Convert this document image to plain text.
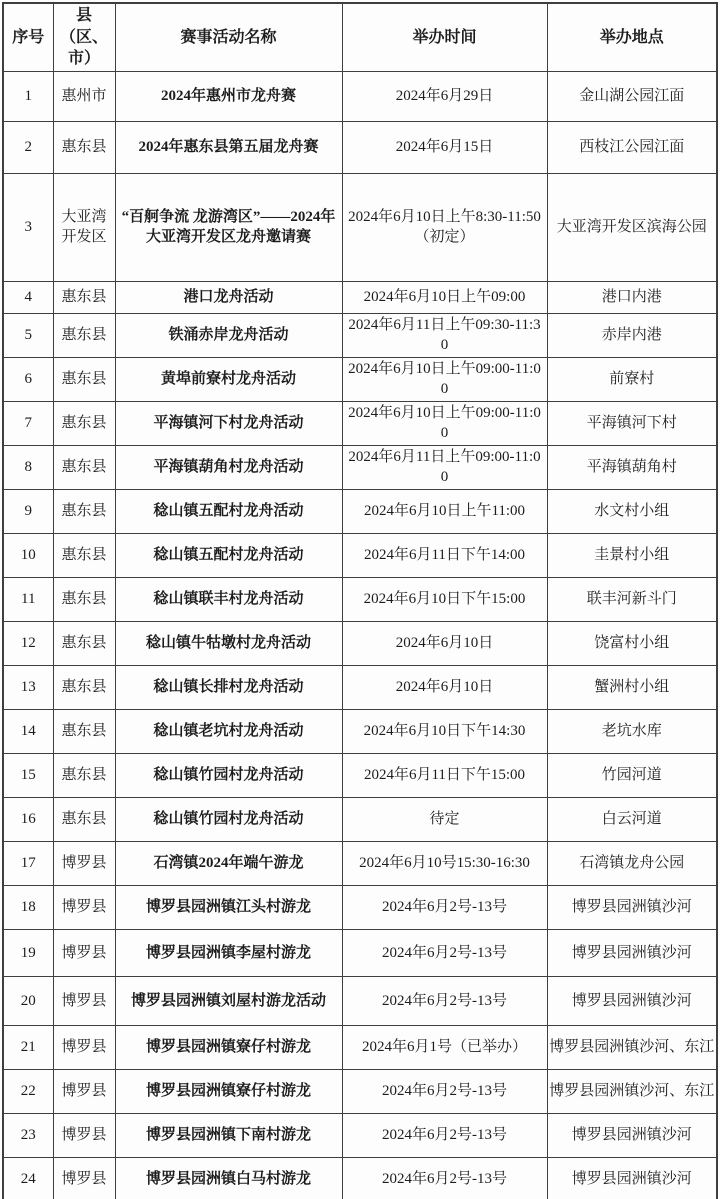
序号	县（区、市）	赛事活动名称	举办时间	举办地点
1	惠州市	2024年惠州市龙舟赛	2024年6月29日	金山湖公园江面
2	惠东县	2024年惠东县第五届龙舟赛	2024年6月15日	西枝江公园江面
3	大亚湾开发区	“百舸争流 龙游湾区”——2024年大亚湾开发区龙舟邀请赛	2024年6月10日上午8:30-11:50（初定）	大亚湾开发区滨海公园
4	惠东县	港口龙舟活动	2024年6月10日上午09:00	港口内港
5	惠东县	铁涌赤岸龙舟活动	2024年6月11日上午09:30-11:30	赤岸内港
6	惠东县	黄埠前寮村龙舟活动	2024年6月10日上午09:00-11:00	前寮村
7	惠东县	平海镇河下村龙舟活动	2024年6月10日上午09:00-11:00	平海镇河下村
8	惠东县	平海镇葫角村龙舟活动	2024年6月11日上午09:00-11:00	平海镇葫角村
9	惠东县	稔山镇五配村龙舟活动	2024年6月10日上午11:00	水文村小组
10	惠东县	稔山镇五配村龙舟活动	2024年6月11日下午14:00	圭景村小组
11	惠东县	稔山镇联丰村龙舟活动	2024年6月10日下午15:00	联丰河新斗门
12	惠东县	稔山镇牛牯墩村龙舟活动	2024年6月10日	饶富村小组
13	惠东县	稔山镇长排村龙舟活动	2024年6月10日	蟹洲村小组
14	惠东县	稔山镇老坑村龙舟活动	2024年6月10日下午14:30	老坑水库
15	惠东县	稔山镇竹园村龙舟活动	2024年6月11日下午15:00	竹园河道
16	惠东县	稔山镇竹园村龙舟活动	待定	白云河道
17	博罗县	石湾镇2024年端午游龙	2024年6月10号15:30-16:30	石湾镇龙舟公园
18	博罗县	博罗县园洲镇江头村游龙	2024年6月2号-13号	博罗县园洲镇沙河
19	博罗县	博罗县园洲镇李屋村游龙	2024年6月2号-13号	博罗县园洲镇沙河
20	博罗县	博罗县园洲镇刘屋村游龙活动	2024年6月2号-13号	博罗县园洲镇沙河
21	博罗县	博罗县园洲镇寮仔村游龙	2024年6月1号（已举办）	博罗县园洲镇沙河、东江
22	博罗县	博罗县园洲镇寮仔村游龙	2024年6月2号-13号	博罗县园洲镇沙河、东江
23	博罗县	博罗县园洲镇下南村游龙	2024年6月2号-13号	博罗县园洲镇沙河
24	博罗县	博罗县园洲镇白马村游龙	2024年6月2号-13号	博罗县园洲镇沙河
